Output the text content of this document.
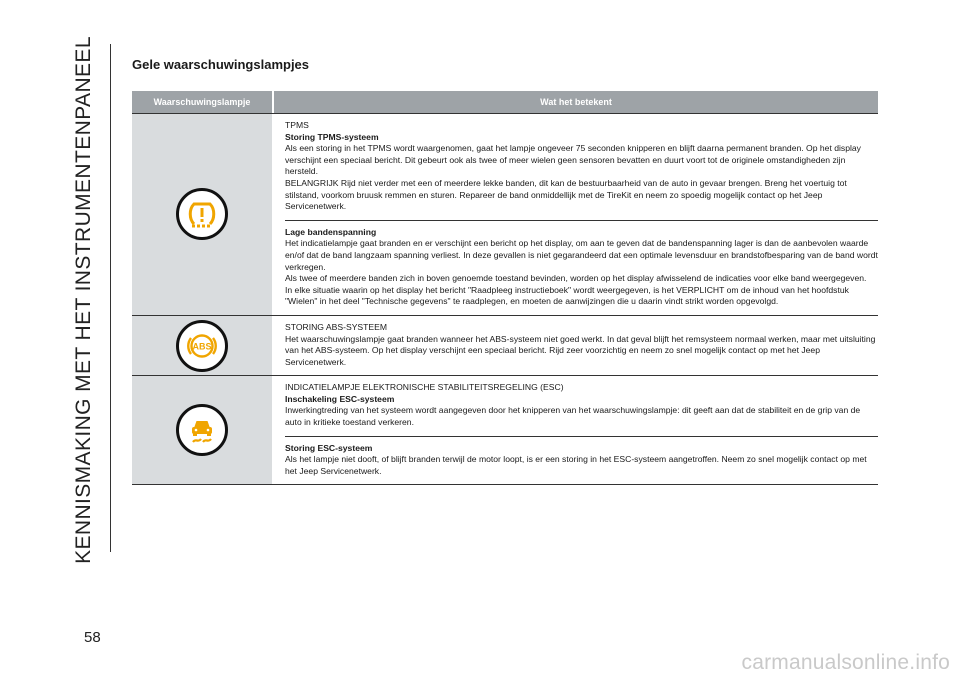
KENNISMAKING MET HET INSTRUMENTENPANEEL
58
Gele waarschuwingslampjes
Waarschuwingslampje	Wat het betekent

TPMS

Storing TPMS-systeem

Als een storing in het TPMS wordt waargenomen, gaat het lampje ongeveer 75 seconden knipperen en blijft daarna permanent branden. Op het display verschijnt een speciaal bericht. Dit gebeurt ook als twee of meer wielen geen sensoren bevatten en duurt voort tot de originele omstandigheden zijn hersteld.

BELANGRIJK Rijd niet verder met een of meerdere lekke banden, dit kan de bestuurbaarheid van de auto in gevaar brengen. Breng het voertuig tot stilstand, voorkom bruusk remmen en sturen. Repareer de band onmiddellijk met de TireKit en neem zo spoedig mogelijk contact op het Jeep Servicenetwerk.

Lage bandenspanning

Het indicatielampje gaat branden en er verschijnt een bericht op het display, om aan te geven dat de bandenspanning lager is dan de aanbevolen waarde en/of dat de band langzaam spanning verliest. In deze gevallen is niet gegarandeerd dat een optimale levensduur en brandstofbesparing van de band wordt verkregen.

Als twee of meerdere banden zich in boven genoemde toestand bevinden, worden op het display afwisselend de indicaties voor elke band weergegeven.

In elke situatie waarin op het display het bericht "Raadpleeg instructieboek" wordt weergegeven, is het VERPLICHT om de inhoud van het hoofdstuk "Wielen" in het deel "Technische gegevens" te raadplegen, en moeten de aanwijzingen die u daarin vindt strikt worden opgevolgd.

ABS

STORING ABS-SYSTEEM

Het waarschuwingslampje gaat branden wanneer het ABS-systeem niet goed werkt. In dat geval blijft het remsysteem normaal werken, maar met uitsluiting van het ABS-systeem. Op het display verschijnt een speciaal bericht. Rijd zeer voorzichtig en neem zo snel mogelijk contact op met het Jeep Servicenetwerk.

INDICATIELAMPJE ELEKTRONISCHE STABILITEITSREGELING (ESC)

Inschakeling ESC-systeem

Inwerkingtreding van het systeem wordt aangegeven door het knipperen van het waarschuwingslampje: dit geeft aan dat de stabiliteit en de grip van de auto in kritieke toestand verkeren.

Storing ESC-systeem

Als het lampje niet dooft, of blijft branden terwijl de motor loopt, is er een storing in het ESC-systeem aangetroffen. Neem zo snel mogelijk contact op met het Jeep Servicenetwerk.

carmanualsonline.info
